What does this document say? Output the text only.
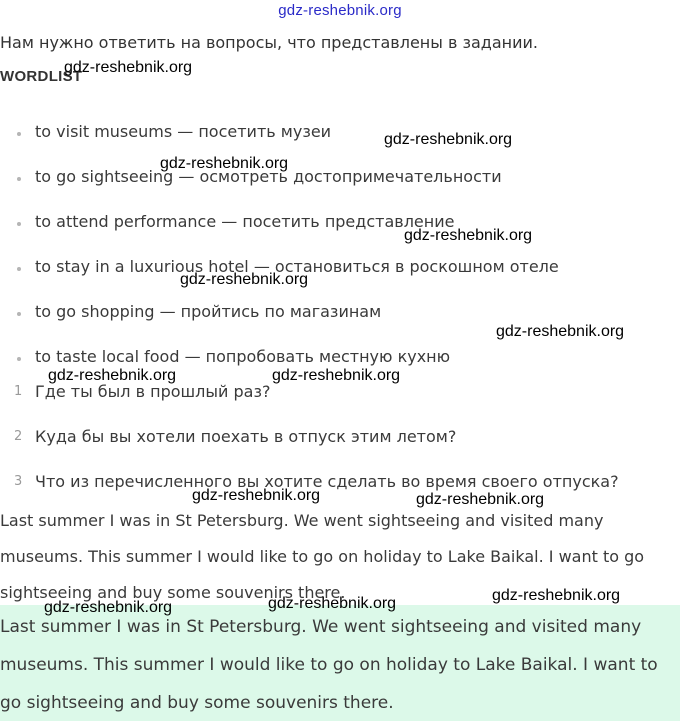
gdz-reshebnik.org
Нам нужно ответить на вопросы, что представлены в задании.
WORDLIST
to visit museums — посетить музеи
to go sightseeing — осмотреть достопримечательности
to attend performance — посетить представление
to stay in a luxurious hotel — остановиться в роскошном отеле
to go shopping — пройтись по магазинам
to taste local food — попробовать местную кухню
1 Где ты был в прошлый раз?
2 Куда бы вы хотели поехать в отпуск этим летом?
3 Что из перечисленного вы хотите сделать во время своего отпуска?

Last summer I was in St Petersburg. We went sightseeing and visited many museums. This summer I would like to go on holiday to Lake Baikal. I want to go sightseeing and buy some souvenirs there.

Last summer I was in St Petersburg. We went sightseeing and visited many museums. This summer I would like to go on holiday to Lake Baikal. I want to go sightseeing and buy some souvenirs there.

gdz-reshebnik.org
gdz-reshebnik.org
gdz-reshebnik.org
gdz-reshebnik.org
gdz-reshebnik.org
gdz-reshebnik.org
gdz-reshebnik.org	gdz-reshebnik.org
gdz-reshebnik.org	gdz-reshebnik.org
gdz-reshebnik.org
gdz-reshebnik.org
gdz-reshebnik.org
